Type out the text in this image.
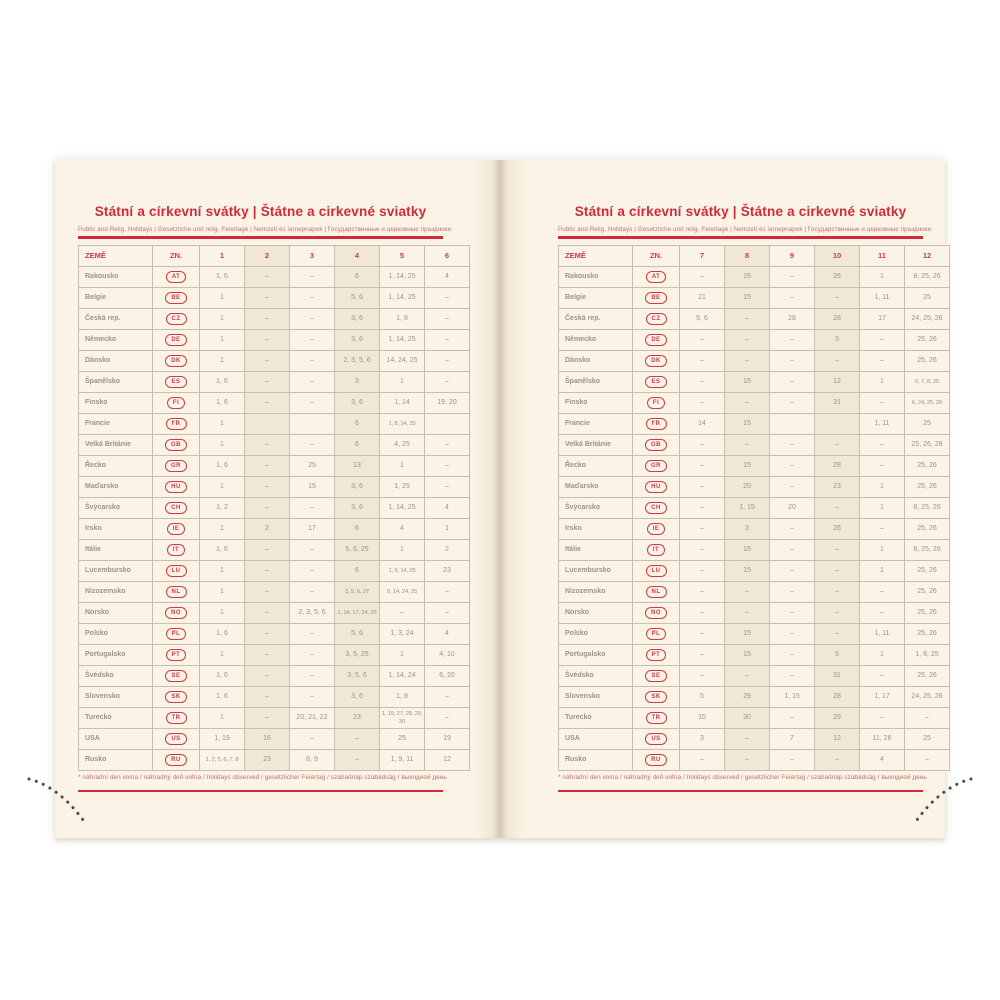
Státní a církevní svátky | Štátne a cirkevné sviatky
Public and Relig. Holidays | Gesetzliche und relig. Feiertage | Nemzeti és ünnepnapok | Государственные и церковные праздники
ZEMĚ	ZN.	1	2	3	4	5	6
Rakousko	AT	1, 6	–	–	6	1, 14, 25	4
Belgie	BE	1	–	–	5, 6	1, 14, 25	–
Česká rep.	CZ	1	–	–	3, 6	1, 8	–
Německo	DE	1	–	–	3, 6	1, 14, 25	–
Dánsko	DK	1	–	–	2, 3, 5, 6	14, 24, 25	–
Španělsko	ES	1, 6	–	–	3	1	–
Finsko	FI	1, 6	–	–	3, 6	1, 14	19, 20
Francie	FR	1			6	1, 8, 14, 25	
Velká Británie	GB	1	–	–	6	4, 25	–
Řecko	GR	1, 6	–	25	13	1	–
Maďarsko	HU	1	–	15	3, 6	1, 25	–
Švýcarsko	CH	1, 2	–	–	3, 6	1, 14, 25	4
Irsko	IE	1	2	17	6	4	1
Itálie	IT	1, 6	–	–	5, 6, 25	1	2
Lucembursko	LU	1	–	–	6	1, 9, 14, 25	23
Nizozemsko	NL	1	–	–	3, 5, 6, 27	5, 14, 24, 25	–
Norsko	NO	1	–	2, 3, 5, 6	1, 14, 17, 24, 25	–	–
Polsko	PL	1, 6	–	–	5, 6	1, 3, 24	4
Portugalsko	PT	1	–	–	3, 5, 25	1	4, 10
Švédsko	SE	1, 6	–	–	3, 5, 6	1, 14, 24	6, 20
Slovensko	SK	1, 6	–	–	3, 6	1, 8	–
Turecko	TR	1	–	20, 21, 22	23	1, 19, 27, 28, 29, 30	–
USA	US	1, 19	16	–	–	25	19
Rusko	RU	1, 2, 5, 6, 7, 8	23	8, 9	–	1, 9, 11	12
* náhradní den volna / náhradný deň voľna / holidays observed / gesetzlicher Feiertag / szabadnap szabadság / выходной день
Státní a církevní svátky | Štátne a cirkevné sviatky
Public and Relig. Holidays | Gesetzliche und relig. Feiertage | Nemzeti és ünnepnapok | Государственные и церковные праздники
ZEMĚ	ZN.	7	8	9	10	11	12
Rakousko	AT	–	15	–	26	1	8, 25, 26
Belgie	BE	21	15	–	–	1, 11	25
Česká rep.	CZ	5, 6	–	28	28	17	24, 25, 26
Německo	DE	–	–	–	3	–	25, 26
Dánsko	DK	–	–	–	–	–	25, 26
Španělsko	ES	–	15	–	12	1	6, 7, 8, 25
Finsko	FI	–	–	–	31	–	6, 24, 25, 26
Francie	FR	14	15			1, 11	25
Velká Británie	GB	–	–	–	–	–	25, 26, 28
Řecko	GR	–	15	–	28	–	25, 26
Maďarsko	HU	–	20	–	23	1	25, 26
Švýcarsko	CH	–	1, 15	20	–	1	8, 25, 26
Irsko	IE	–	3	–	26	–	25, 26
Itálie	IT	–	15	–	–	1	8, 25, 26
Lucembursko	LU	–	15	–	–	1	25, 26
Nizozemsko	NL	–	–	–	–	–	25, 26
Norsko	NO	–	–	–	–	–	25, 26
Polsko	PL	–	15	–	–	1, 11	25, 26
Portugalsko	PT	–	15	–	5	1	1, 8, 25
Švédsko	SE	–	–	–	31	–	25, 26
Slovensko	SK	5	29	1, 15	28	1, 17	24, 25, 26
Turecko	TR	15	30	–	29	–	–
USA	US	3	–	7	12	11, 26	25
Rusko	RU	–	–	–	–	4	–
* náhradní den volna / náhradný deň voľna / holidays observed / gesetzlicher Feiertag / szabadnap szabadság / выходной день
